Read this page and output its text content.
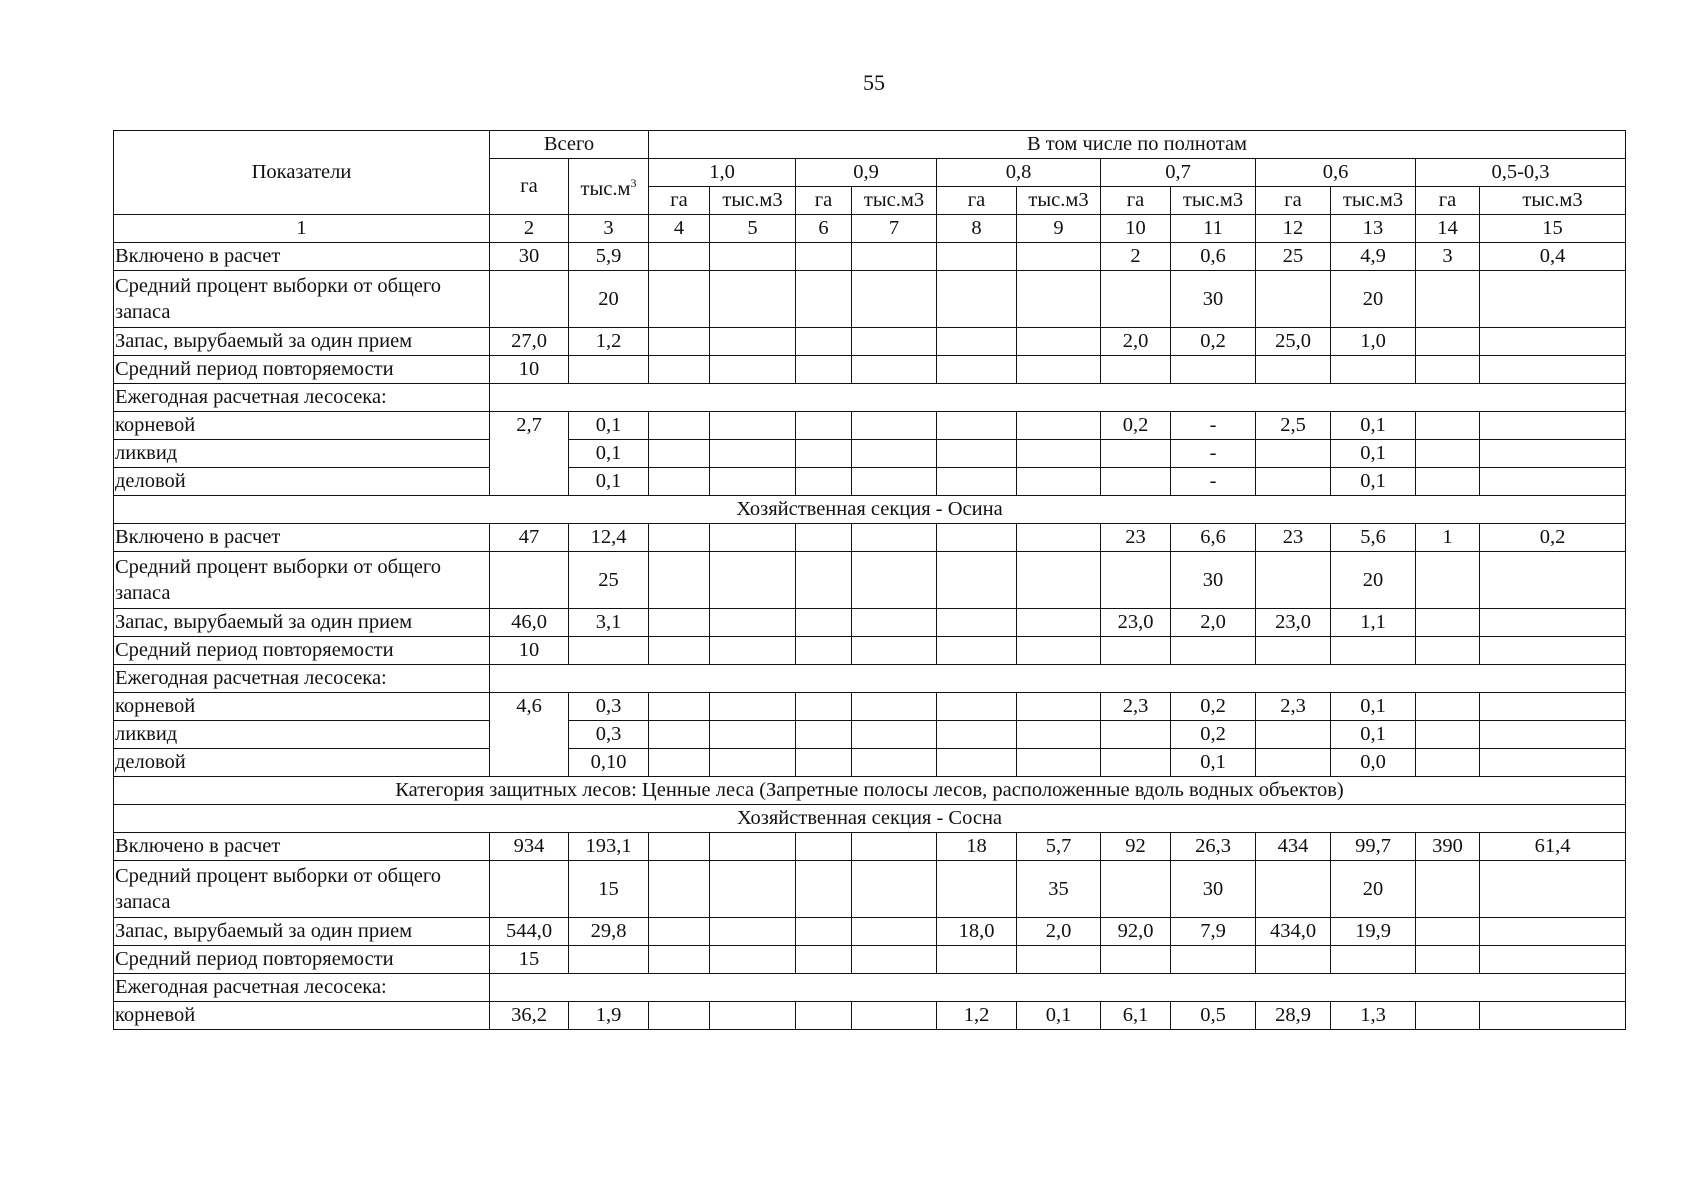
55
Показатели	Всего		В том числе по полнотам											
	га	$тыс.м^3$	1,0		0,9		0,8		0,7		0,6		0,5-0,3	
			га	тыс.м3	га	тыс.м3	га	тыс.м3	га	тыс.м3	га	тыс.м3	га	тыс.м3
1	2	3	4	5	6	7	8	9	10	11	12	13	14	15
Включено в расчет	30	5,9							2	0,6	25	4,9	3	0,4
Средний процент выборки от общего запаса		20								30		20		
Запас, вырубаемый за один прием	27,0	1,2							2,0	0,2	25,0	1,0		
Средний период повторяемости	10													
Ежегодная расчетная лесосека:														
корневой	2,7	0,1							0,2	-	2,5	0,1		
ликвид		0,1								-		0,1		
деловой		0,1								-		0,1		
Хозяйственная секция - Осина														
Включено в расчет	47	12,4							23	6,6	23	5,6	1	0,2
Средний процент выборки от общего запаса		25								30		20		
Запас, вырубаемый за один прием	46,0	3,1							23,0	2,0	23,0	1,1		
Средний период повторяемости	10													
Ежегодная расчетная лесосека:														
корневой	4,6	0,3							2,3	0,2	2,3	0,1		
ликвид		0,3								0,2		0,1		
деловой		0,10								0,1		0,0		
Категория защитных лесов: Ценные леса (Запретные полосы лесов, расположенные вдоль водных объектов)														
Хозяйственная секция - Сосна														
Включено в расчет	934	193,1					18	5,7	92	26,3	434	99,7	390	61,4
Средний процент выборки от общего запаса		15						35		30		20		
Запас, вырубаемый за один прием	544,0	29,8					18,0	2,0	92,0	7,9	434,0	19,9		
Средний период повторяемости	15													
Ежегодная расчетная лесосека:														
корневой	36,2	1,9					1,2	0,1	6,1	0,5	28,9	1,3		
